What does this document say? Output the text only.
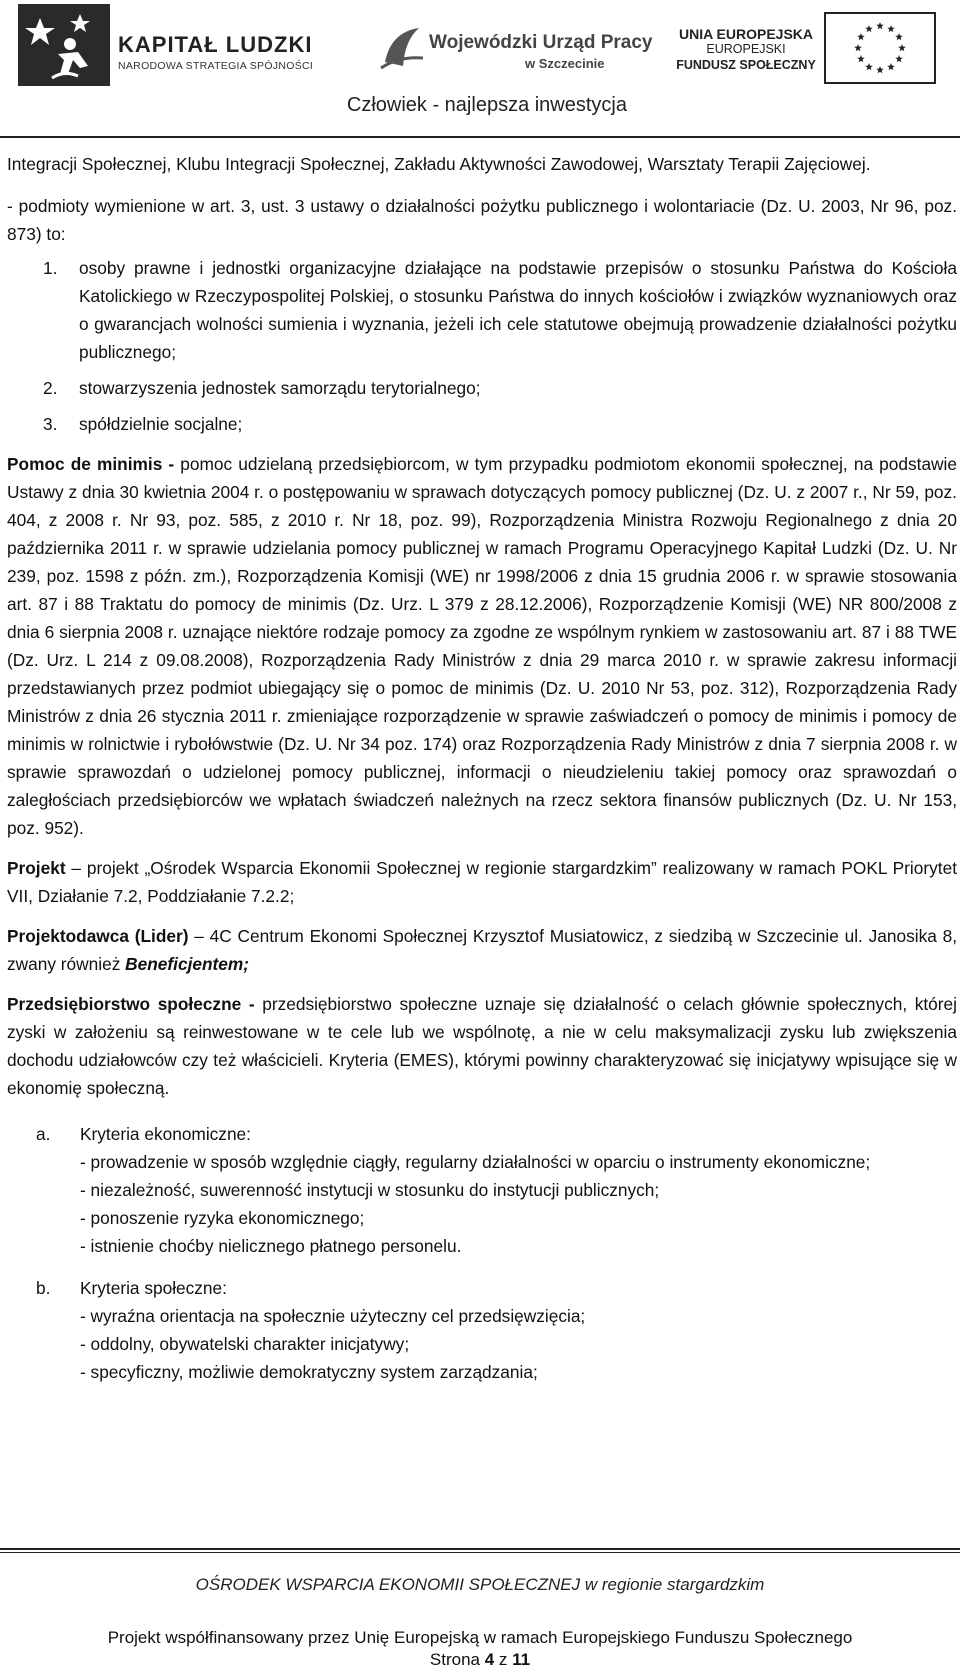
KAPITAŁ LUDZKI
NARODOWA STRATEGIA SPÓJNOŚCI
Wojewódzki Urząd Pracy
w Szczecinie
UNIA EUROPEJSKA
EUROPEJSKI
FUNDUSZ SPOŁECZNY
Człowiek - najlepsza inwestycja

Integracji Społecznej, Klubu Integracji Społecznej, Zakładu Aktywności Zawodowej, Warsztaty Terapii Zajęciowej.

- podmioty wymienione w art. 3, ust. 3 ustawy o działalności pożytku publicznego i wolontariacie (Dz. U. 2003, Nr 96, poz. 873) to:

1.	osoby prawne i jednostki organizacyjne działające na podstawie przepisów o stosunku Państwa do Kościoła Katolickiego w Rzeczypospolitej Polskiej, o stosunku Państwa do innych kościołów i związków wyznaniowych oraz o gwarancjach wolności sumienia i wyznania, jeżeli ich cele statutowe obejmują prowadzenie działalności pożytku publicznego;
2.	stowarzyszenia jednostek samorządu terytorialnego;
3.	spółdzielnie socjalne;

Pomoc de minimis - pomoc udzielaną przedsiębiorcom, w tym przypadku podmiotom ekonomii społecznej, na podstawie Ustawy z dnia 30 kwietnia 2004 r. o postępowaniu w sprawach dotyczących pomocy publicznej (Dz. U. z 2007 r., Nr 59, poz. 404, z 2008 r. Nr 93, poz. 585, z 2010 r. Nr 18, poz. 99), Rozporządzenia Ministra Rozwoju Regionalnego z dnia 20 października 2011 r. w sprawie udzielania pomocy publicznej w ramach Programu Operacyjnego Kapitał Ludzki (Dz. U. Nr 239, poz. 1598 z późn. zm.), Rozporządzenia Komisji (WE) nr 1998/2006 z dnia 15 grudnia 2006 r. w sprawie stosowania art. 87 i 88 Traktatu do pomocy de minimis (Dz. Urz. L 379 z 28.12.2006), Rozporządzenie Komisji (WE) NR 800/2008 z dnia 6 sierpnia 2008 r. uznające niektóre rodzaje pomocy za zgodne ze wspólnym rynkiem w zastosowaniu art. 87 i 88 TWE (Dz. Urz. L 214 z 09.08.2008), Rozporządzenia Rady Ministrów z dnia 29 marca 2010 r. w sprawie zakresu informacji przedstawianych przez podmiot ubiegający się o pomoc de minimis (Dz. U. 2010 Nr 53, poz. 312), Rozporządzenia Rady Ministrów z dnia 26 stycznia 2011 r. zmieniające rozporządzenie w sprawie zaświadczeń o pomocy de minimis i pomocy de minimis w rolnictwie i rybołówstwie (Dz. U. Nr 34 poz. 174) oraz Rozporządzenia Rady Ministrów z dnia 7 sierpnia 2008 r. w sprawie sprawozdań o udzielonej pomocy publicznej, informacji o nieudzieleniu takiej pomocy oraz sprawozdań o zaległościach przedsiębiorców we wpłatach świadczeń należnych na rzecz sektora finansów publicznych (Dz. U. Nr 153, poz. 952).

Projekt – projekt „Ośrodek Wsparcia Ekonomii Społecznej w regionie stargardzkim” realizowany w ramach POKL Priorytet VII, Działanie 7.2, Poddziałanie 7.2.2;

Projektodawca (Lider) – 4C Centrum Ekonomi Społecznej Krzysztof Musiatowicz, z siedzibą w Szczecinie ul. Janosika 8, zwany również Beneficjentem;

Przedsiębiorstwo społeczne - przedsiębiorstwo społeczne uznaje się działalność o celach głównie społecznych, której zyski w założeniu są reinwestowane w te cele lub we wspólnotę, a nie w celu maksymalizacji zysku lub zwiększenia dochodu udziałowców czy też właścicieli. Kryteria (EMES), którymi powinny charakteryzować się inicjatywy wpisujące się w ekonomię społeczną.

a.	Kryteria ekonomiczne:
- prowadzenie w sposób względnie ciągły, regularny działalności w oparciu o instrumenty ekonomiczne;
- niezależność, suwerenność instytucji w stosunku do instytucji publicznych;
- ponoszenie ryzyka ekonomicznego;
- istnienie choćby nielicznego płatnego personelu.
b.	Kryteria społeczne:
- wyraźna orientacja na społecznie użyteczny cel przedsięwzięcia;
- oddolny, obywatelski charakter inicjatywy;
- specyficzny, możliwie demokratyczny system zarządzania;
OŚRODEK WSPARCIA EKONOMII SPOŁECZNEJ w regionie stargardzkim
Projekt współfinansowany przez Unię Europejską w ramach Europejskiego Funduszu Społecznego
Strona 4 z 11
